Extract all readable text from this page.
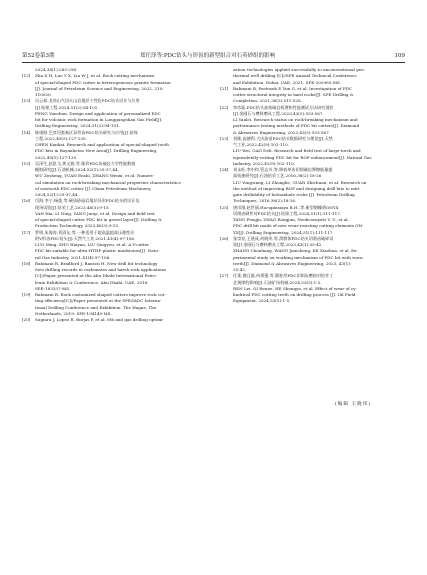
第52卷第3期	郑任泽等:PDC钻头与形齿的新型组合对石英砂组的影响	109
2024,38(1):285-298.
[12] Zhu X H, Luo Y X, Liu W J, et al. Rock cutting mechanism
of special-shaped PDC cutter in heterogeneous granite formation
[J]. Journal of Petroleum Science and Engineering, 2022, 210:
110020.
[13] 冯云春.龙岗山气田火山岩地层个性化PDC钻头设计与应用
[J].钻探工程,2024,51(2):94-101.
FENG Yunchun. Design and application of personalized PDC
bit for volcanic rock formation in Longgangshan Gas Field[J].
Drilling Engineering, 2024,51(2):94-101.
[14] 陈康海.巴彦河套新区异形齿PDC钻头研究与应用[J].钻探
工程,2022,49(5):127-135.
CHEN Kanhai. Research and application of special-shaped tooth
PDC bits in Bayanhetao New Area[J]. Drilling Engineering,
2022,49(5):127-135.
[15] 吴泽生,赵思飞,黄文娟,等.锥形PDC齿破岩力学性能数值
模拟研究[J].石油机械,2024,52(1):29-37,44.
WU Zesheng, YUAN Enshi, ZHANG Wenxi, et al. Numeri-
cal simulation on rock-breaking mechanical properties characteristics
of sawtooth PDC cutter [J]. China Petroleum Machinery,
2024,52(1):29-37,44.
[16] 闫海,李宁,杨俊,等.硬质砂砾岩地层异形PDC钻头的设计及
现场试验[J].钻采工艺,2023,46(3):9-15.
YAN Hai, LI Ning, YANG Junyi, et al. Design and field test
of special-shaped cutter PDC bit in gravel layer[J]. Drilling &
Production Technology, 2023,46(3):9-15.
[17] 罗明,朱海涛,刘清友,等.一种适用于超高温超高压维性层
的V形齿PDC钻头[J].天然气工业,2021,41(4):97-106.
LUO Ming, ZHU Haiyan, LIU Qingyou, et al. A V-cutter
PDC bit suitable for ultra-HTHP plastic mudstones[J]. Natu-
ral Gas Industry, 2021,41(4):97-106.
[18] Rahmani R, Bradford J, Ranscii H. New drill bit technology
Sets drilling records in carbonates and harsh rock applications
[C]//Paper presented at the Abu Dhabi International Petro-
leum Exhibition & Conference. Abu Dhabi, UAE, 2016:
SPE-183337-MS.
[19] Rahmani R. Rock customized shaped cutters improve rock cut-
ting efficiency[C]//Paper presented at the SPE/IADC Interna-
tional Drilling Conference and Exhibition. The Hague, The
Netherlands, 2019: SPE-194140-MS.
[20] Sugiura J, Lopez R, Borjas F, et al. 6th and gas drilling optimi-
zation technologies applied successfully to unconventional geo-
thermal well drilling [C]//SPE Annual Technical Conference
and Exhibition. Dubai, UAE, 2021: SPE-205965-MS.
[21] Rahmani R, Pastusek P, Yun G, et al. Investigation of PDC
cutter structural integrity in hard rocks[J]. SPE Drilling &
Completion, 2021,36(3):511-528.
[22] 李彦磊.PDC钻头高效破岩机理和性能测试方法研究现状
[J].金刚石与磨料磨具工程,2023,43(5):553-567.
LI Yanlei. Research status on rock-breaking mechanism and
performance testing methods of PDC bit cutters[J]. Diamond
& Abrasives Engineering, 2023,43(5):553-567.
[23] 刘维,高德利.大庆油田PDC钻头数据研究与理论[J].天然
气工业,2022,42(9):102-110.
LIU Wei, GAO Deli. Research and field test of large-torch and
equivalently-cutting PDC bit for ROP enhancement[J]. Natural Gas
Industry, 2022,42(9):102-110.
[24] 刘永旺,李中和,管志川,等.降低单齿切削破岩摩擦能量提
高钻速研究[J].石油钻采工艺,2016,38(2):18-26
LIU Yongwang, LI Zhonghe, GUAN Zhichuan, et al. Research on
the method of improving ROP and designing drill bits to miti-
gate drillability of bottomhole rocks [J]. Petroleum Drilling
Techniques, 2016,38(2):18-26.
[25] 唐凤翔,赵世丽,Hocupinsiaya B.H.,等.新型钢椰勇ONYX
切削齿刷件对PDC钻头[J].钻探工程,2024,51(1):111-117.
TANG Fengju, ZHAO Rongjun, Neokcornyets V. V., et al.
PDC drill bit made of new wear-resisting cutting elements ON-
YX[J]. Drilling Engineering, 2024,51(1):111-117.
[26] 张崇亮,王建成,何晓华,等.滑移体PDC钻头切削齿破碎试
验[J].金刚石与磨料磨具工程,2023,43(1):35-42.
ZHANG Chonliang, WANG Jiancheng, KE Xiaohua, et al. Ex-
perimental study on working mechanism of PDC bit with worn
teeth[J]. Diamond & Abrasives Engineering, 2023, 43(1):
35-42.
[27] 任莱,黎且渐,何勇强,等.圆柱形PDC切削齿磨损对钻井工
艺规律的影响[J].石油矿场机械,2024,53(5):1-5.
REN Lei, QI Renne, HE Shengya, et al. Effect of wear of cy-
lindrical PDC cutting teeth on drilling process [J]. Oil Field
Equipment, 2024,53(5):1-5.
(编辑 王晓伟)
